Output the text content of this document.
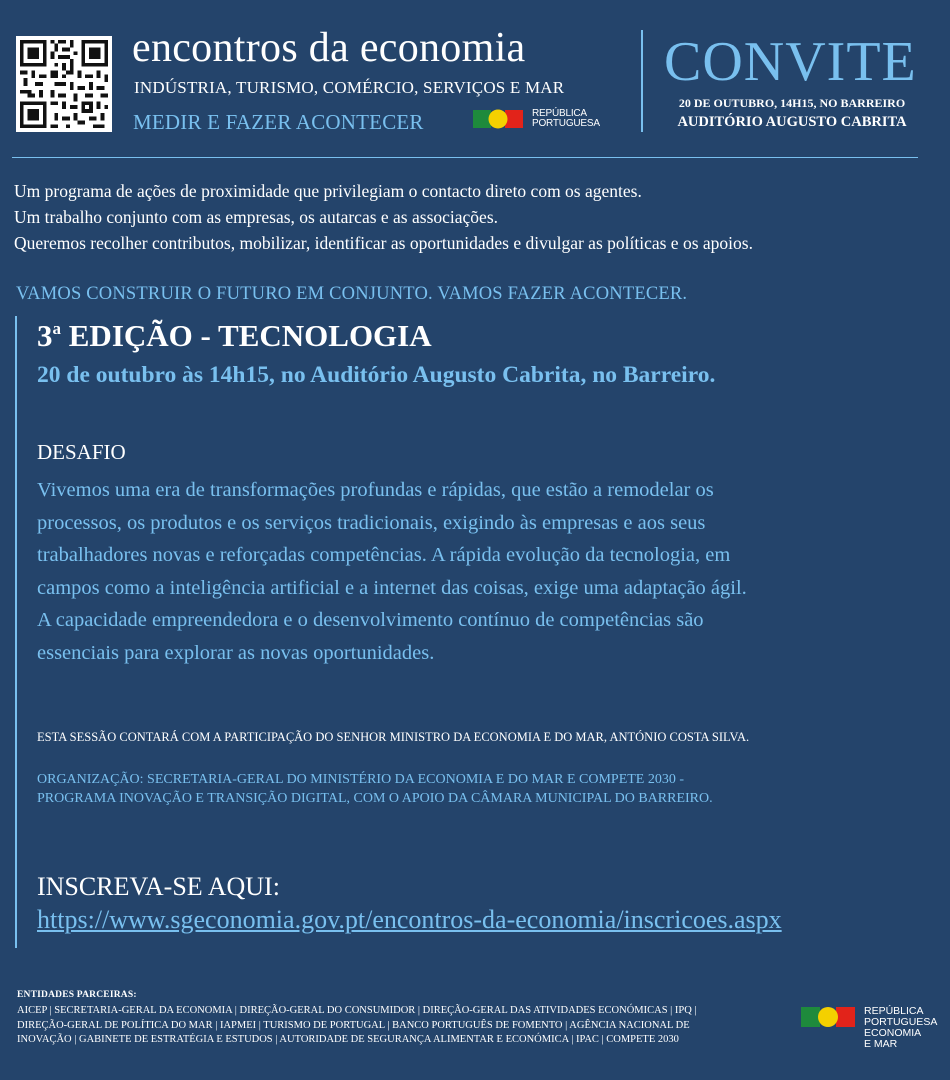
encontros da economia
INDÚSTRIA, TURISMO, COMÉRCIO, SERVIÇOS E MAR
MEDIR E FAZER ACONTECER	REPÚBLICA
PORTUGUESA
CONVITE
20 DE OUTUBRO, 14H15, NO BARREIRO
AUDITÓRIO AUGUSTO CABRITA
Um programa de ações de proximidade que privilegiam o contacto direto com os agentes.
Um trabalho conjunto com as empresas, os autarcas e as associações.
Queremos recolher contributos, mobilizar, identificar as oportunidades e divulgar as políticas e os apoios.
VAMOS CONSTRUIR O FUTURO EM CONJUNTO. VAMOS FAZER ACONTECER.
3$^a$ EDIÇÃO - TECNOLOGIA
20 de outubro às 14h15, no Auditório Augusto Cabrita, no Barreiro.
DESAFIO
Vivemos uma era de transformações profundas e rápidas, que estão a remodelar os
processos, os produtos e os serviços tradicionais, exigindo às empresas e aos seus
trabalhadores novas e reforçadas competências. A rápida evolução da tecnologia, em
campos como a inteligência artificial e a internet das coisas, exige uma adaptação ágil.
A capacidade empreendedora e o desenvolvimento contínuo de competências são
essenciais para explorar as novas oportunidades.
ESTA SESSÃO CONTARÁ COM A PARTICIPAÇÃO DO SENHOR MINISTRO DA ECONOMIA E DO MAR, ANTÓNIO COSTA SILVA.
ORGANIZAÇÃO: SECRETARIA-GERAL DO MINISTÉRIO DA ECONOMIA E DO MAR E COMPETE 2030 -
PROGRAMA INOVAÇÃO E TRANSIÇÃO DIGITAL, COM O APOIO DA CÂMARA MUNICIPAL DO BARREIRO.
INSCREVA-SE AQUI:
https://www.sgeconomia.gov.pt/encontros-da-economia/inscricoes.aspx
ENTIDADES PARCEIRAS:
AICEP | SECRETARIA-GERAL DA ECONOMIA | DIREÇÃO-GERAL DO CONSUMIDOR | DIREÇÃO-GERAL DAS ATIVIDADES ECONÓMICAS | IPQ |
DIREÇÃO-GERAL DE POLÍTICA DO MAR | IAPMEI | TURISMO DE PORTUGAL | BANCO PORTUGUÊS DE FOMENTO | AGÊNCIA NACIONAL DE
INOVAÇÃO | GABINETE DE ESTRATÉGIA E ESTUDOS | AUTORIDADE DE SEGURANÇA ALIMENTAR E ECONÓMICA | IPAC | COMPETE 2030
REPÚBLICA
PORTUGUESA
ECONOMIA
E MAR
